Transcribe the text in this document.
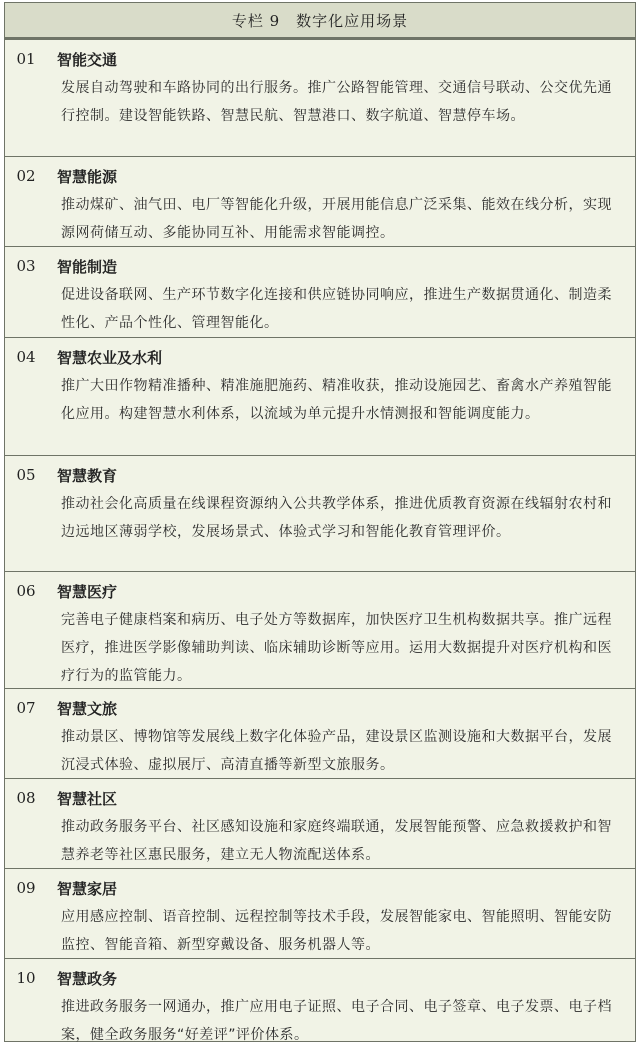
专栏 9　数字化应用场景
01	智能交通
发展自动驾驶和车路协同的出行服务。推广公路智能管理、交通信号联动、公交优先通行控制。建设智能铁路、智慧民航、智慧港口、数字航道、智慧停车场。
02	智慧能源
推动煤矿、油气田、电厂等智能化升级，开展用能信息广泛采集、能效在线分析，实现源网荷储互动、多能协同互补、用能需求智能调控。
03	智能制造
促进设备联网、生产环节数字化连接和供应链协同响应，推进生产数据贯通化、制造柔性化、产品个性化、管理智能化。
04	智慧农业及水利
推广大田作物精准播种、精准施肥施药、精准收获，推动设施园艺、畜禽水产养殖智能化应用。构建智慧水利体系，以流域为单元提升水情测报和智能调度能力。
05	智慧教育
推动社会化高质量在线课程资源纳入公共教学体系，推进优质教育资源在线辐射农村和边远地区薄弱学校，发展场景式、体验式学习和智能化教育管理评价。
06	智慧医疗
完善电子健康档案和病历、电子处方等数据库，加快医疗卫生机构数据共享。推广远程医疗，推进医学影像辅助判读、临床辅助诊断等应用。运用大数据提升对医疗机构和医疗行为的监管能力。
07	智慧文旅
推动景区、博物馆等发展线上数字化体验产品，建设景区监测设施和大数据平台，发展沉浸式体验、虚拟展厅、高清直播等新型文旅服务。
08	智慧社区
推动政务服务平台、社区感知设施和家庭终端联通，发展智能预警、应急救援救护和智慧养老等社区惠民服务，建立无人物流配送体系。
09	智慧家居
应用感应控制、语音控制、远程控制等技术手段，发展智能家电、智能照明、智能安防监控、智能音箱、新型穿戴设备、服务机器人等。
10	智慧政务
推进政务服务一网通办，推广应用电子证照、电子合同、电子签章、电子发票、电子档案，健全政务服务“好差评”评价体系。
